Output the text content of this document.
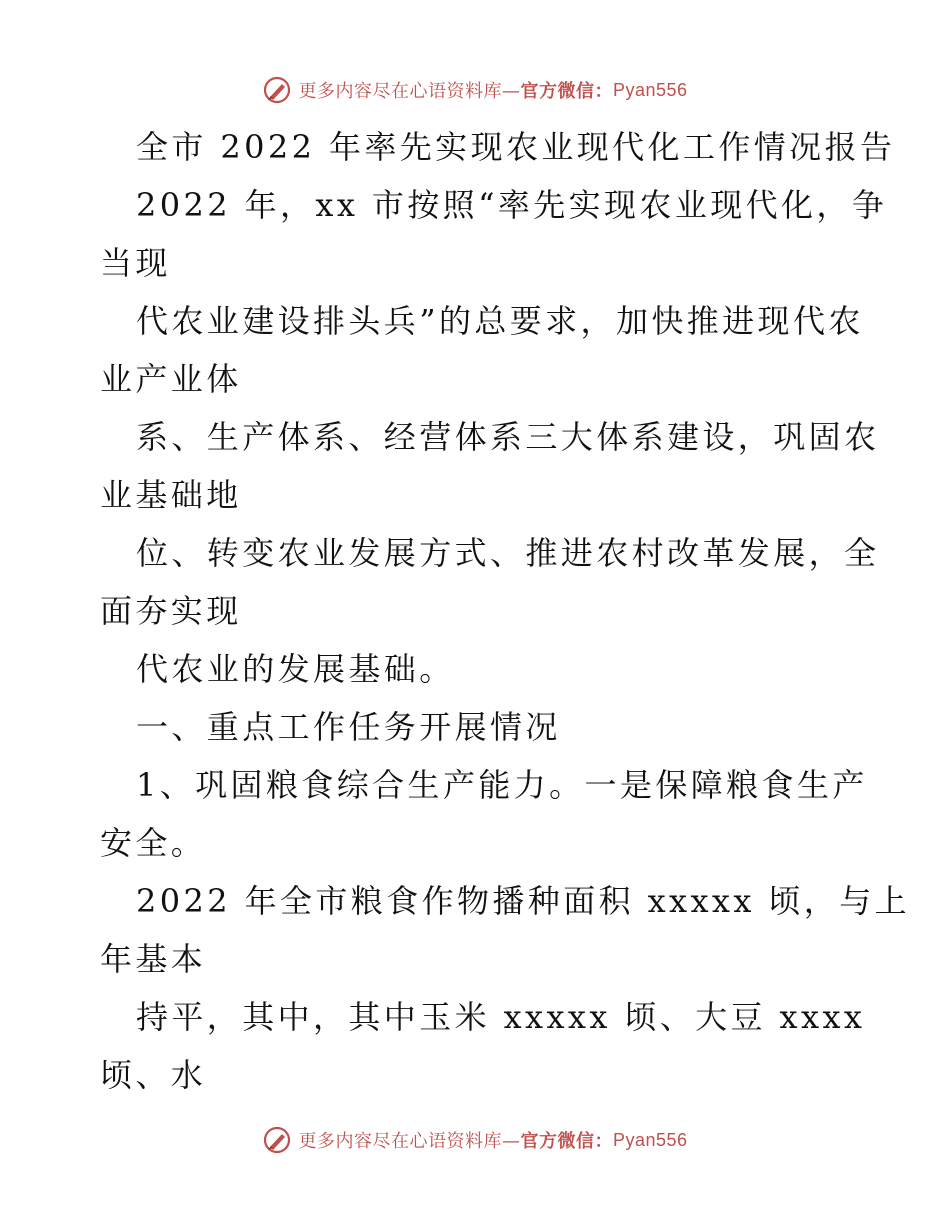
更多内容尽在心语资料库— 官方微信： Pyan556
全市 2022 年率先实现农业现代化工作情况报告
2022 年，xx 市按照“率先实现农业现代化，争
当现
代农业建设排头兵”的总要求，加快推进现代农
业产业体
系、生产体系、经营体系三大体系建设，巩固农
业基础地
位、转变农业发展方式、推进农村改革发展，全
面夯实现
代农业的发展基础。
一、重点工作任务开展情况
1、巩固粮食综合生产能力。一是保障粮食生产
安全。
2022 年全市粮食作物播种面积 xxxxx 顷，与上
年基本
持平，其中，其中玉米 xxxxx 顷、大豆 xxxx
顷、水
更多内容尽在心语资料库— 官方微信： Pyan556
